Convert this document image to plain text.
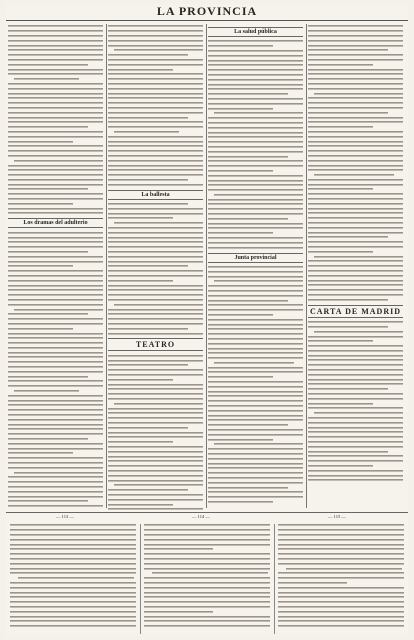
LA PROVINCIA
Los dramas del adulterio
La ballesta
TEATRO
La salud pública
Junta provincial
CARTA DE MADRID
— 113 —	— 114 —	— 115 —
